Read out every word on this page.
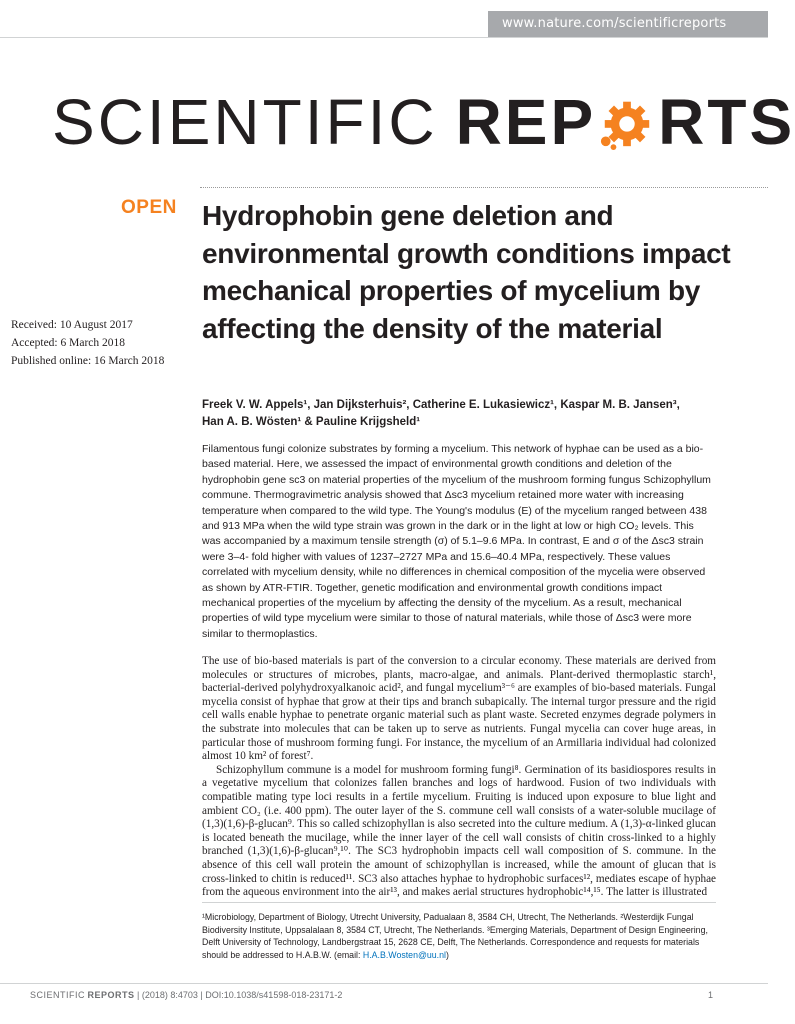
www.nature.com/scientificreports
SCIENTIFIC REP RTS
OPEN
Received: 10 August 2017
Accepted: 6 March 2018
Published online: 16 March 2018
Hydrophobin gene deletion and environmental growth conditions impact mechanical properties of mycelium by affecting the density of the material
Freek V. W. Appels¹, Jan Dijksterhuis², Catherine E. Lukasiewicz¹, Kaspar M. B. Jansen³,
Han A. B. Wösten¹ & Pauline Krijgsheld¹

Filamentous fungi colonize substrates by forming a mycelium. This network of hyphae can be used as a bio-based material. Here, we assessed the impact of environmental growth conditions and deletion of the hydrophobin gene sc3 on material properties of the mycelium of the mushroom forming fungus Schizophyllum commune. Thermogravimetric analysis showed that Δsc3 mycelium retained more water with increasing temperature when compared to the wild type. The Young's modulus (E) of the mycelium ranged between 438 and 913 MPa when the wild type strain was grown in the dark or in the light at low or high CO₂ levels. This was accompanied by a maximum tensile strength (σ) of 5.1–9.6 MPa. In contrast, E and σ of the Δsc3 strain were 3–4- fold higher with values of 1237–2727 MPa and 15.6–40.4 MPa, respectively. These values correlated with mycelium density, while no differences in chemical composition of the mycelia were observed as shown by ATR-FTIR. Together, genetic modification and environmental growth conditions impact mechanical properties of the mycelium by affecting the density of the mycelium. As a result, mechanical properties of wild type mycelium were similar to those of natural materials, while those of Δsc3 were more similar to thermoplastics.

The use of bio-based materials is part of the conversion to a circular economy. These materials are derived from molecules or structures of microbes, plants, macro-algae, and animals. Plant-derived thermoplastic starch¹, bacterial-derived polyhydroxyalkanoic acid², and fungal mycelium³⁻⁶ are examples of bio-based materials. Fungal mycelia consist of hyphae that grow at their tips and branch subapically. The internal turgor pressure and the rigid cell walls enable hyphae to penetrate organic material such as plant waste. Secreted enzymes degrade polymers in the substrate into molecules that can be taken up to serve as nutrients. Fungal mycelia can cover huge areas, in particular those of mushroom forming fungi. For instance, the mycelium of an Armillaria individual had colonized almost 10 km² of forest⁷.

Schizophyllum commune is a model for mushroom forming fungi⁸. Germination of its basidiospores results in a vegetative mycelium that colonizes fallen branches and logs of hardwood. Fusion of two individuals with compatible mating type loci results in a fertile mycelium. Fruiting is induced upon exposure to blue light and ambient CO₂ (i.e. 400 ppm). The outer layer of the S. commune cell wall consists of a water-soluble mucilage of (1,3)(1,6)-β-glucan⁹. This so called schizophyllan is also secreted into the culture medium. A (1,3)-α-linked glucan is located beneath the mucilage, while the inner layer of the cell wall consists of chitin cross-linked to a highly branched (1,3)(1,6)-β-glucan⁹,¹⁰. The SC3 hydrophobin impacts cell wall composition of S. commune. In the absence of this cell wall protein the amount of schizophyllan is increased, while the amount of glucan that is cross-linked to chitin is reduced¹¹. SC3 also attaches hyphae to hydrophobic surfaces¹², mediates escape of hyphae from the aqueous environment into the air¹³, and makes aerial structures hydrophobic¹⁴,¹⁵. The latter is illustrated

¹Microbiology, Department of Biology, Utrecht University, Padualaan 8, 3584 CH, Utrecht, The Netherlands. ²Westerdijk Fungal Biodiversity Institute, Uppsalalaan 8, 3584 CT, Utrecht, The Netherlands. ³Emerging Materials, Department of Design Engineering, Delft University of Technology, Landbergstraat 15, 2628 CE, Delft, The Netherlands. Correspondence and requests for materials should be addressed to H.A.B.W. (email: H.A.B.Wosten@uu.nl)
SCIENTIFIC REPORTS | (2018) 8:4703 | DOI:10.1038/s41598-018-23171-2	1
